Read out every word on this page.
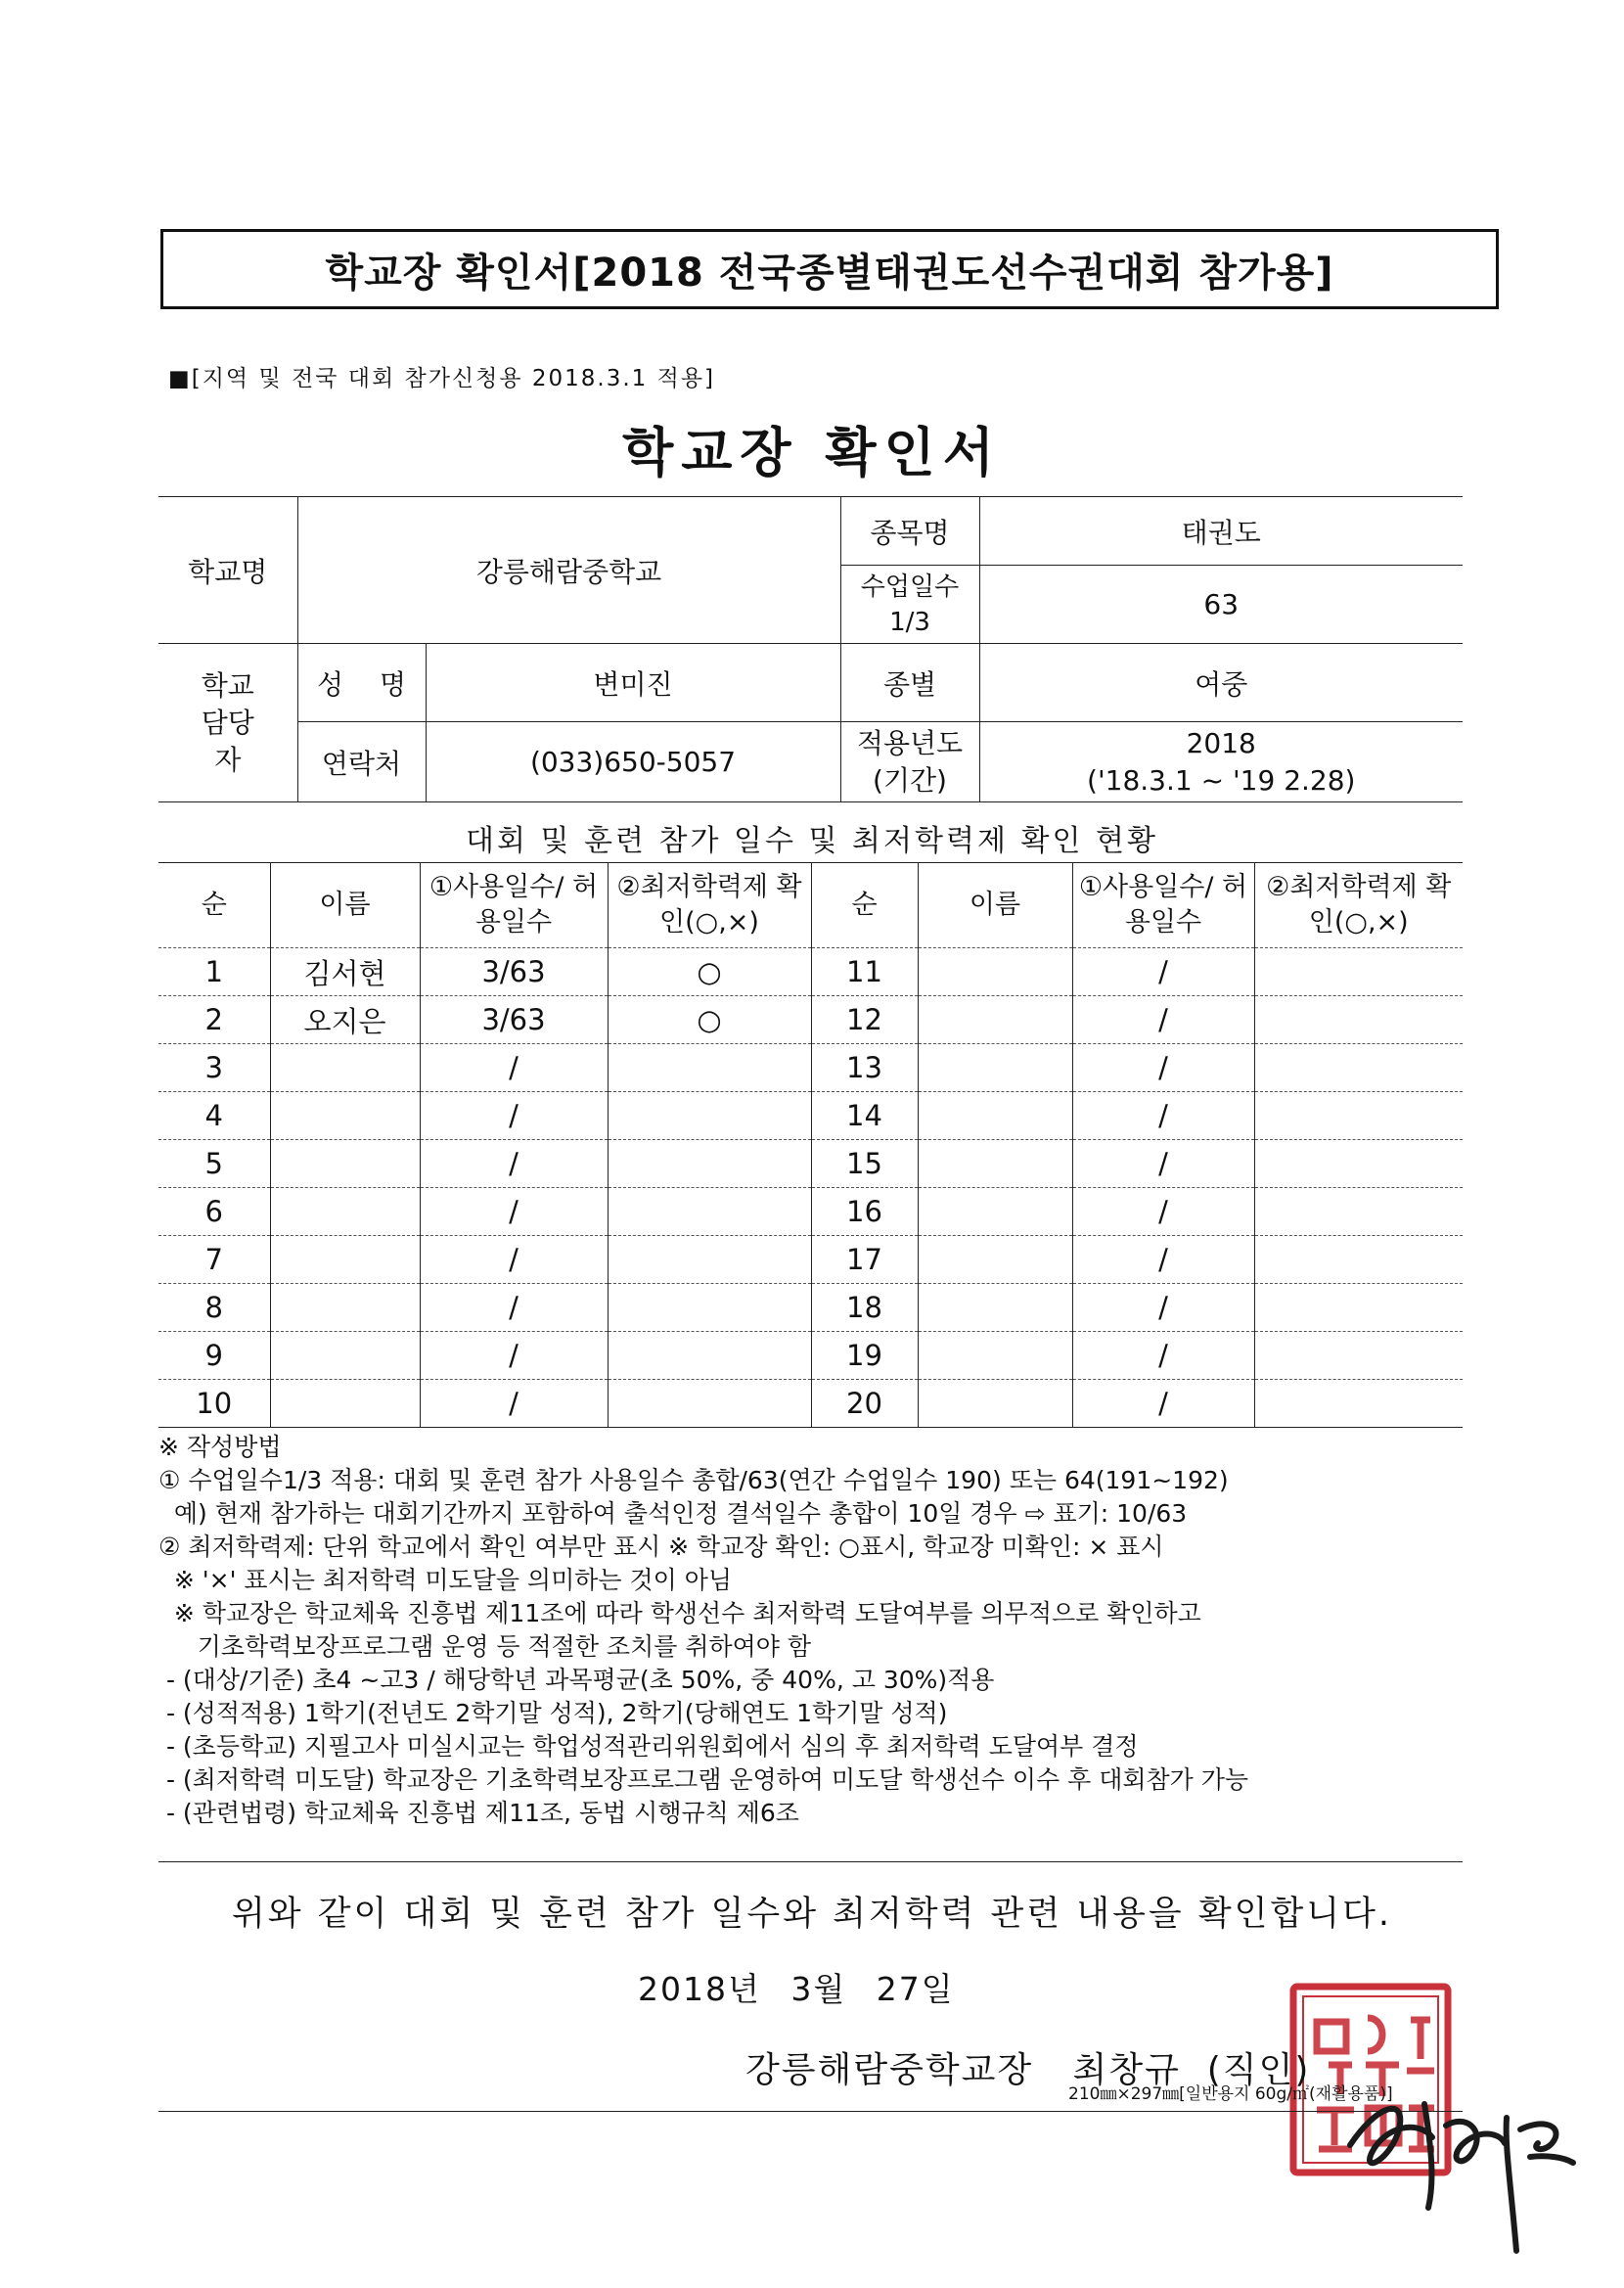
학교장 확인서[2018 전국종별태권도선수권대회 참가용]
■[지역 및 전국 대회 참가신청용 2018.3.1 적용]
학교장 확인서
학교명	강릉해람중학교		종목명	태권도
			수업일수 1/3	63
학교 담당자	성 명	변미진	종별	여중
	연락처	(033)650-5057	적용년도 (기간)	2018
('18.3.1 ~ '19 2.28)
대회 및 훈련 참가 일수 및 최저학력제 확인 현황
순	이름	①사용일수/ 허용일수	②최저학력제 확인(○,×)	순	이름	①사용일수/ 허용일수	②최저학력제 확인(○,×)
1	김서현	3/63	○	11		/	
2	오지은	3/63	○	12		/	
3		/		13		/	
4		/		14		/	
5		/		15		/	
6		/		16		/	
7		/		17		/	
8		/		18		/	
9		/		19		/	
10		/		20		/	
※ 작성방법
① 수업일수1/3 적용: 대회 및 훈련 참가 사용일수 총합/63(연간 수업일수 190) 또는 64(191~192)
예) 현재 참가하는 대회기간까지 포함하여 출석인정 결석일수 총합이 10일 경우 ⇨ 표기: 10/63
② 최저학력제: 단위 학교에서 확인 여부만 표시 ※ 학교장 확인: ○표시, 학교장 미확인: × 표시
※ '×' 표시는 최저학력 미도달을 의미하는 것이 아님
※ 학교장은 학교체육 진흥법 제11조에 따라 학생선수 최저학력 도달여부를 의무적으로 확인하고
기초학력보장프로그램 운영 등 적절한 조치를 취하여야 함
- (대상/기준) 초4 ~고3 / 해당학년 과목평균(초 50%, 중 40%, 고 30%)적용
- (성적적용) 1학기(전년도 2학기말 성적), 2학기(당해연도 1학기말 성적)
- (초등학교) 지필고사 미실시교는 학업성적관리위원회에서 심의 후 최저학력 도달여부 결정
- (최저학력 미도달) 학교장은 기초학력보장프로그램 운영하여 미도달 학생선수 이수 후 대회참가 가능
- (관련법령) 학교체육 진흥법 제11조, 동법 시행규칙 제6조
위와 같이 대회 및 훈련 참가 일수와 최저학력 관련 내용을 확인합니다.
2018년 3월 27일
강릉해람중학교장   최창규  (직인)
210㎜×297㎜[일반용지 60g/㎡(재활용품)]
